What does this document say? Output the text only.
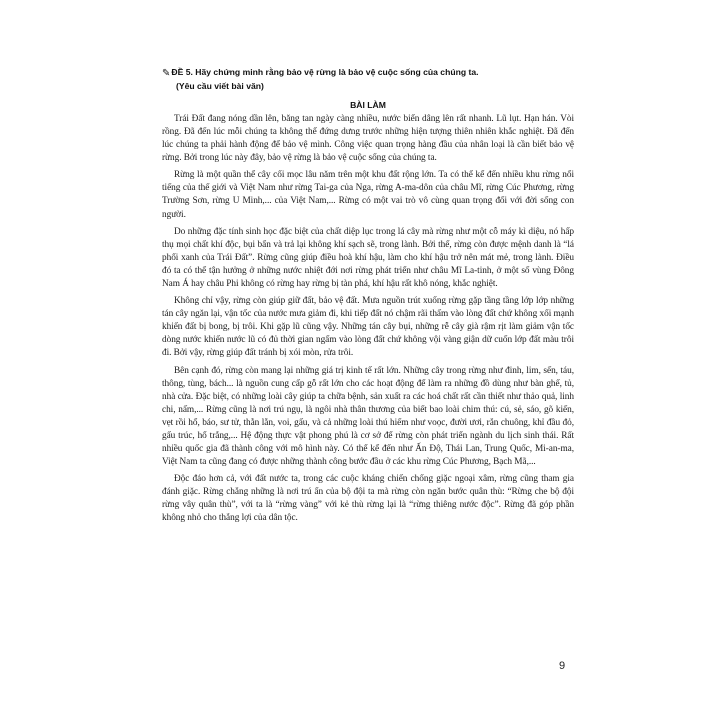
✎ĐỀ 5. Hãy chứng minh rằng bảo vệ rừng là bảo vệ cuộc sống của chúng ta.
(Yêu cầu viết bài văn)
BÀI LÀM

Trái Đất đang nóng dần lên, băng tan ngày càng nhiều, nước biển dâng lên rất nhanh. Lũ lụt. Hạn hán. Vòi rồng. Đã đến lúc mỗi chúng ta không thể đứng dưng trước những hiện tượng thiên nhiên khắc nghiệt. Đã đến lúc chúng ta phải hành động để bảo vệ mình. Công việc quan trọng hàng đầu của nhân loại là cần biết bảo vệ rừng. Bởi trong lúc này đây, bảo vệ rừng là bảo vệ cuộc sống của chúng ta.

Rừng là một quần thể cây cối mọc lâu năm trên một khu đất rộng lớn. Ta có thể kể đến nhiều khu rừng nổi tiếng của thế giới và Việt Nam như rừng Tai-ga của Nga, rừng A-ma-dôn của châu Mĩ, rừng Cúc Phương, rừng Trường Sơn, rừng U Minh,... của Việt Nam,... Rừng có một vai trò vô cùng quan trọng đối với đời sống con người.

Do những đặc tính sinh học đặc biệt của chất diệp lục trong lá cây mà rừng như một cỗ máy kì diệu, nó hấp thụ mọi chất khí độc, bụi bẩn và trả lại không khí sạch sẽ, trong lành. Bởi thế, rừng còn được mệnh danh là “lá phổi xanh của Trái Đất”. Rừng cũng giúp điều hoà khí hậu, làm cho khí hậu trở nên mát mẻ, trong lành. Điều đó ta có thể tận hưởng ở những nước nhiệt đới nơi rừng phát triển như châu Mĩ La-tinh, ở một số vùng Đông Nam Á hay châu Phi không có rừng hay rừng bị tàn phá, khí hậu rất khô nóng, khắc nghiệt.

Không chỉ vậy, rừng còn giúp giữ đất, bảo vệ đất. Mưa nguồn trút xuống rừng gặp tầng tầng lớp lớp những tán cây ngăn lại, vận tốc của nước mưa giảm đi, khi tiếp đất nó chậm rãi thấm vào lòng đất chứ không xối mạnh khiến đất bị bong, bị trôi. Khi gặp lũ cũng vậy. Những tán cây bụi, những rễ cây già rậm rịt làm giảm vận tốc dòng nước khiến nước lũ có đủ thời gian ngấm vào lòng đất chứ không vội vàng giận dữ cuốn lớp đất màu trôi đi. Bởi vậy, rừng giúp đất tránh bị xói mòn, rửa trôi.

Bên cạnh đó, rừng còn mang lại những giá trị kinh tế rất lớn. Những cây trong rừng như đinh, lim, sến, táu, thông, tùng, bách... là nguồn cung cấp gỗ rất lớn cho các hoạt động để làm ra những đồ dùng như bàn ghế, tủ, nhà cửa. Đặc biệt, có những loài cây giúp ta chữa bệnh, sản xuất ra các hoá chất rất cần thiết như thảo quả, linh chi, nấm,... Rừng cũng là nơi trú ngụ, là ngôi nhà thân thương của biết bao loài chim thú: cú, sẻ, sáo, gõ kiến, vẹt rồi hổ, báo, sư tử, thằn lằn, voi, gấu, và cả những loài thú hiếm như voọc, đười ươi, rắn chuông, khỉ đầu đỏ, gấu trúc, hổ trắng,... Hệ động thực vật phong phú là cơ sở để rừng còn phát triển ngành du lịch sinh thái. Rất nhiều quốc gia đã thành công với mô hình này. Có thể kể đến như Ấn Độ, Thái Lan, Trung Quốc, Mi-an-ma, Việt Nam ta cũng đang có được những thành công bước đầu ở các khu rừng Cúc Phương, Bạch Mã,...

Độc đáo hơn cả, với đất nước ta, trong các cuộc kháng chiến chống giặc ngoại xâm, rừng cũng tham gia đánh giặc. Rừng chẳng những là nơi trú ẩn của bộ đội ta mà rừng còn ngăn bước quân thù: “Rừng che bộ đội rừng vây quân thù”, với ta là “rừng vàng” với kẻ thù rừng lại là “rừng thiêng nước độc”. Rừng đã góp phần không nhỏ cho thắng lợi của dân tộc.

9
